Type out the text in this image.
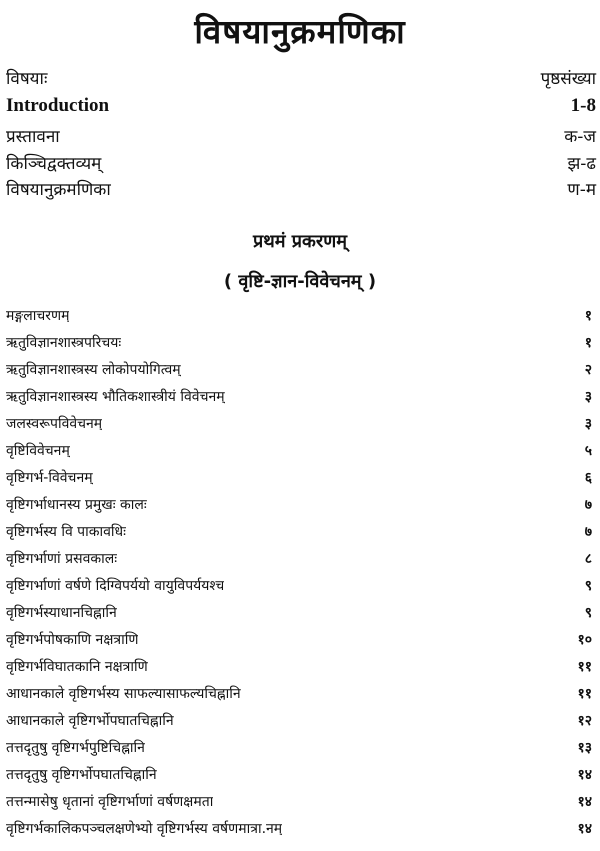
विषयानुक्रमणिका
विषयाः	पृष्ठसंख्या
Introduction	1-8
प्रस्तावना	क-ज
किञ्चिद्वक्तव्यम्	झ-ढ
विषयानुक्रमणिका	ण-म
प्रथमं प्रकरणम्
( वृष्टि-ज्ञान-विवेचनम् )
मङ्गलाचरणम्	१
ऋतुविज्ञानशास्त्रपरिचयः	१
ऋतुविज्ञानशास्त्रस्य लोकोपयोगित्वम्	२
ऋतुविज्ञानशास्त्रस्य भौतिकशास्त्रीयं विवेचनम्	३
जलस्वरूपविवेचनम्	३
वृष्टिविवेचनम्	५
वृष्टिगर्भ-विवेचनम्	६
वृष्टिगर्भाधानस्य प्रमुखः कालः	७
वृष्टिगर्भस्य वि पाकावधिः	७
वृष्टिगर्भाणां प्रसवकालः	८
वृष्टिगर्भाणां वर्षणे दिग्विपर्ययो वायुविपर्ययश्च	९
वृष्टिगर्भस्याधानचिह्नानि	९
वृष्टिगर्भपोषकाणि नक्षत्राणि	१०
वृष्टिगर्भविघातकानि नक्षत्राणि	११
आधानकाले वृष्टिगर्भस्य साफल्यासाफल्यचिह्नानि	११
आधानकाले वृष्टिगर्भोपघातचिह्नानि	१२
तत्तदृतुषु वृष्टिगर्भपुष्टिचिह्नानि	१३
तत्तदृतुषु वृष्टिगर्भोपघातचिह्नानि	१४
तत्तन्मासेषु धृतानां वृष्टिगर्भाणां वर्षणक्षमता	१४
वृष्टिगर्भकालिकपञ्चलक्षणेभ्यो वृष्टिगर्भस्य वर्षणमात्रा.नम्	१४
